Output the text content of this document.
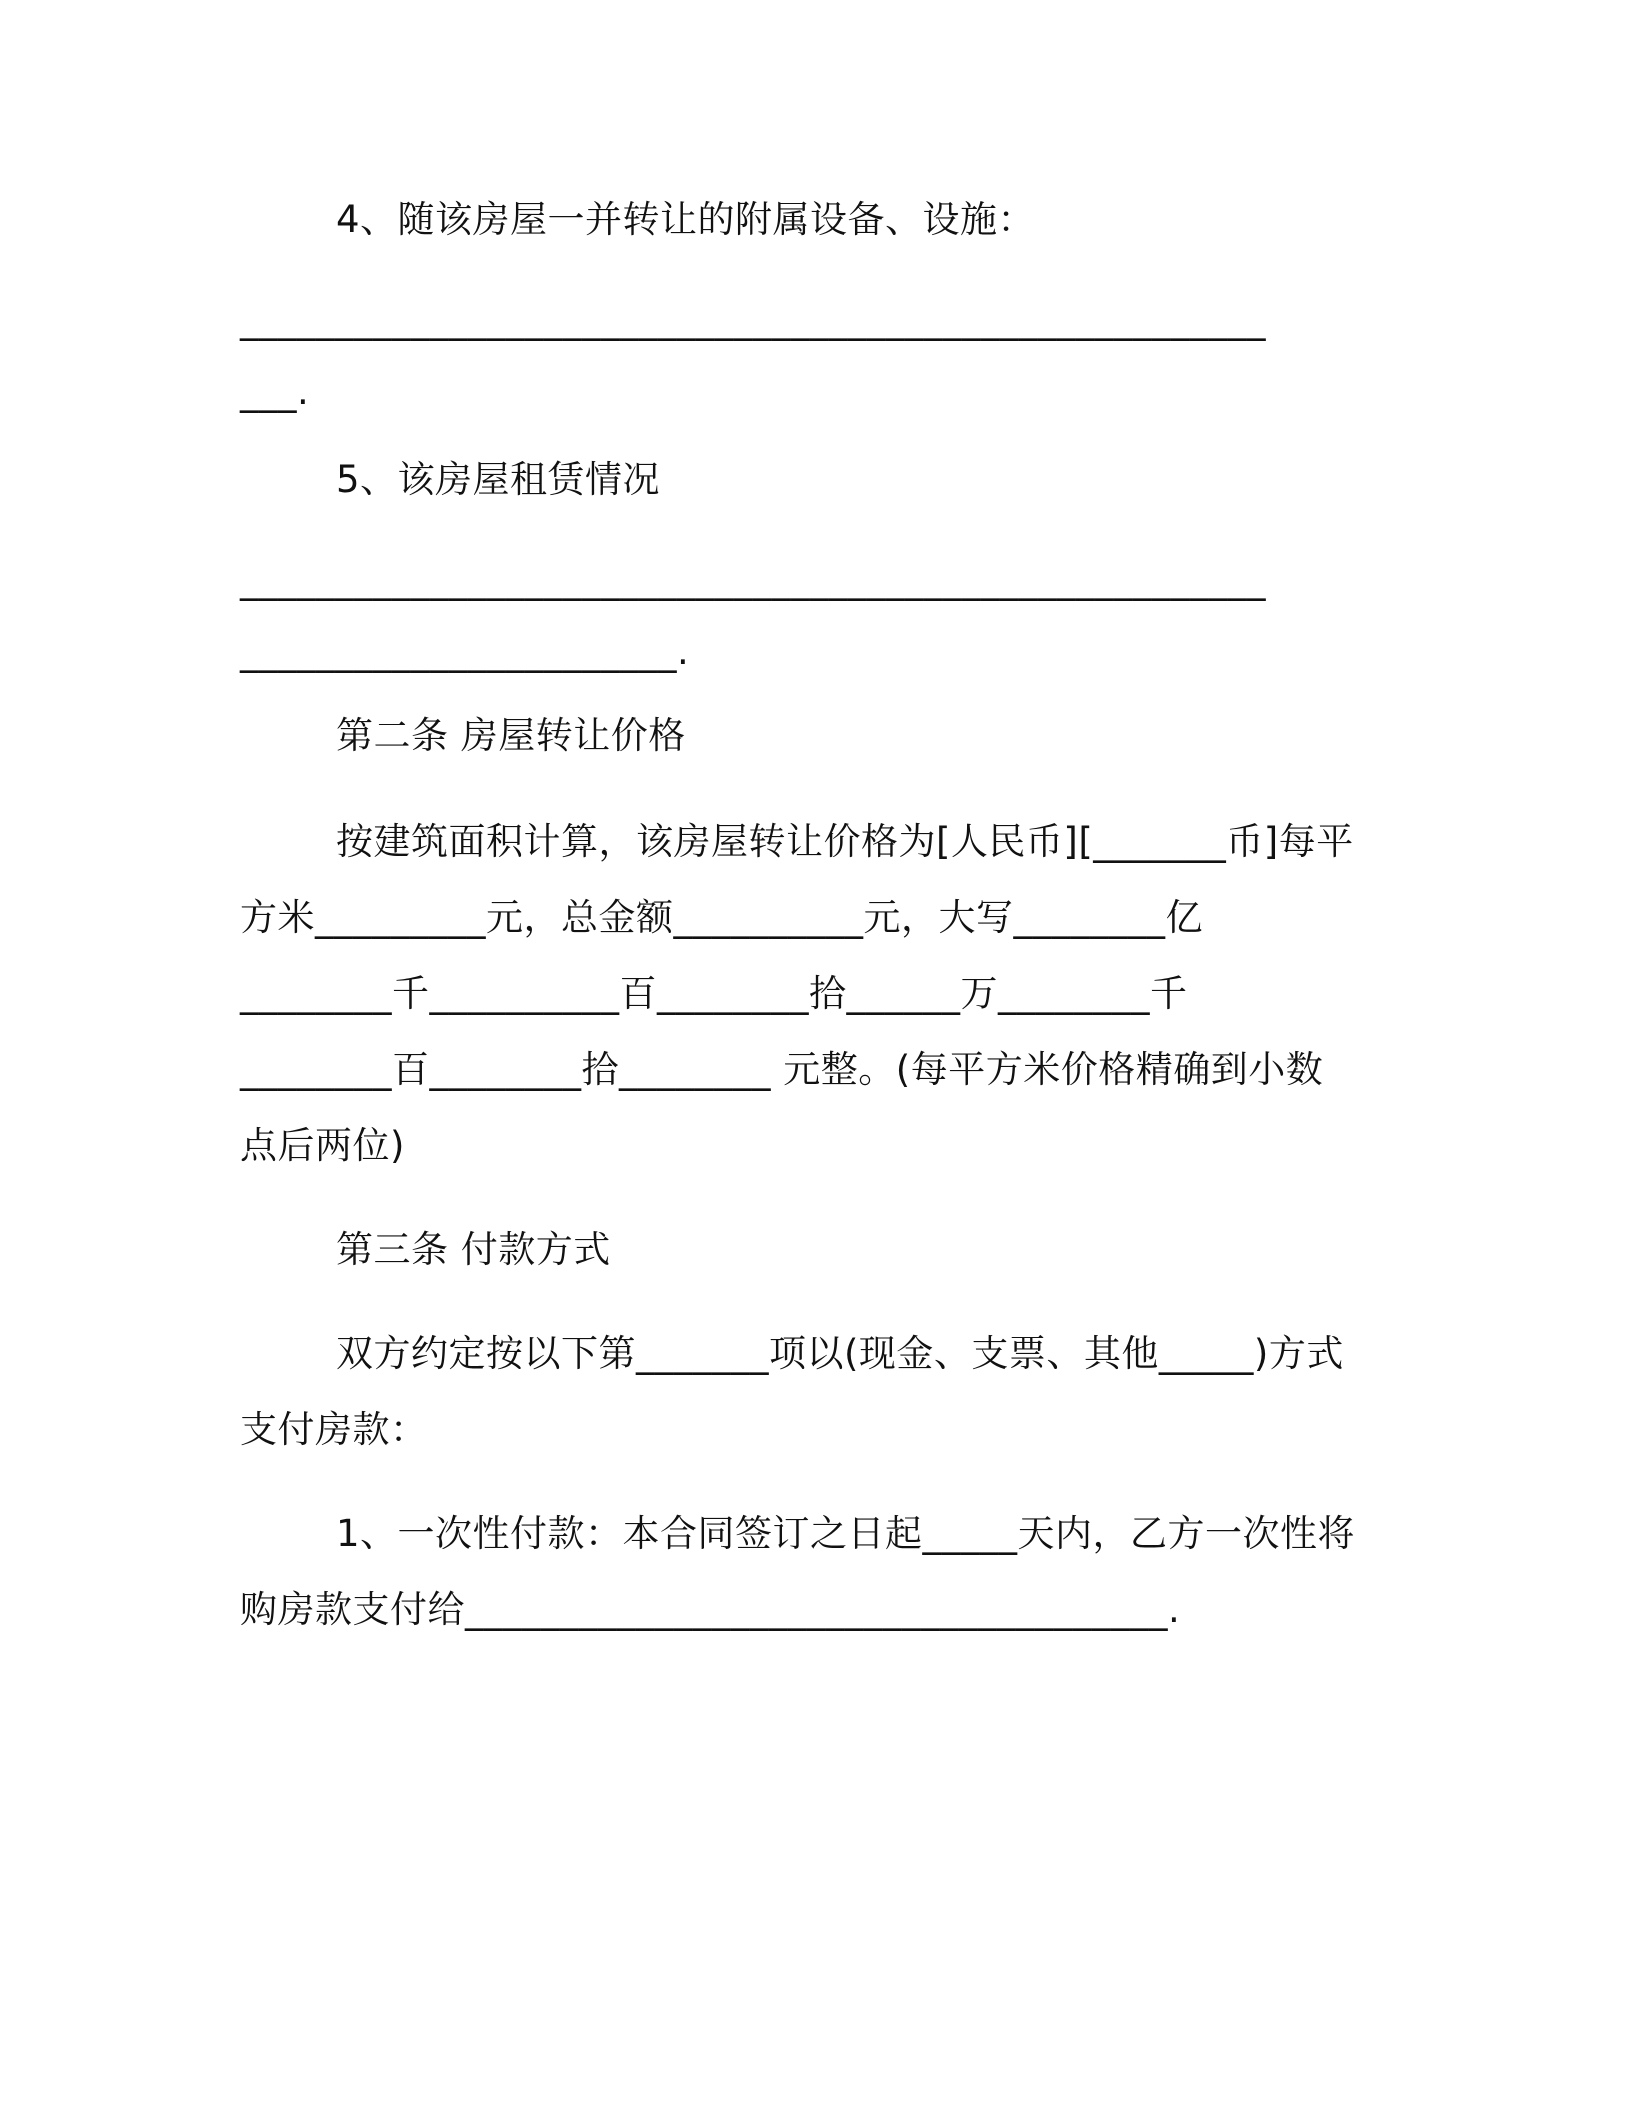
4、随该房屋一并转让的附属设备、设施：
______________________________________________________
___.
5、该房屋租赁情况
______________________________________________________
_______________________.
第二条 房屋转让价格
按建筑面积计算，该房屋转让价格为[人民币][_______币]每平
方米_________元，总金额__________元，大写________亿
________千__________百________拾______万________千
________百________拾________ 元整。(每平方米价格精确到小数
点后两位)
第三条 付款方式
双方约定按以下第_______项以(现金、支票、其他_____)方式
支付房款：
1、一次性付款：本合同签订之日起_____天内，乙方一次性将
购房款支付给_____________________________________.
